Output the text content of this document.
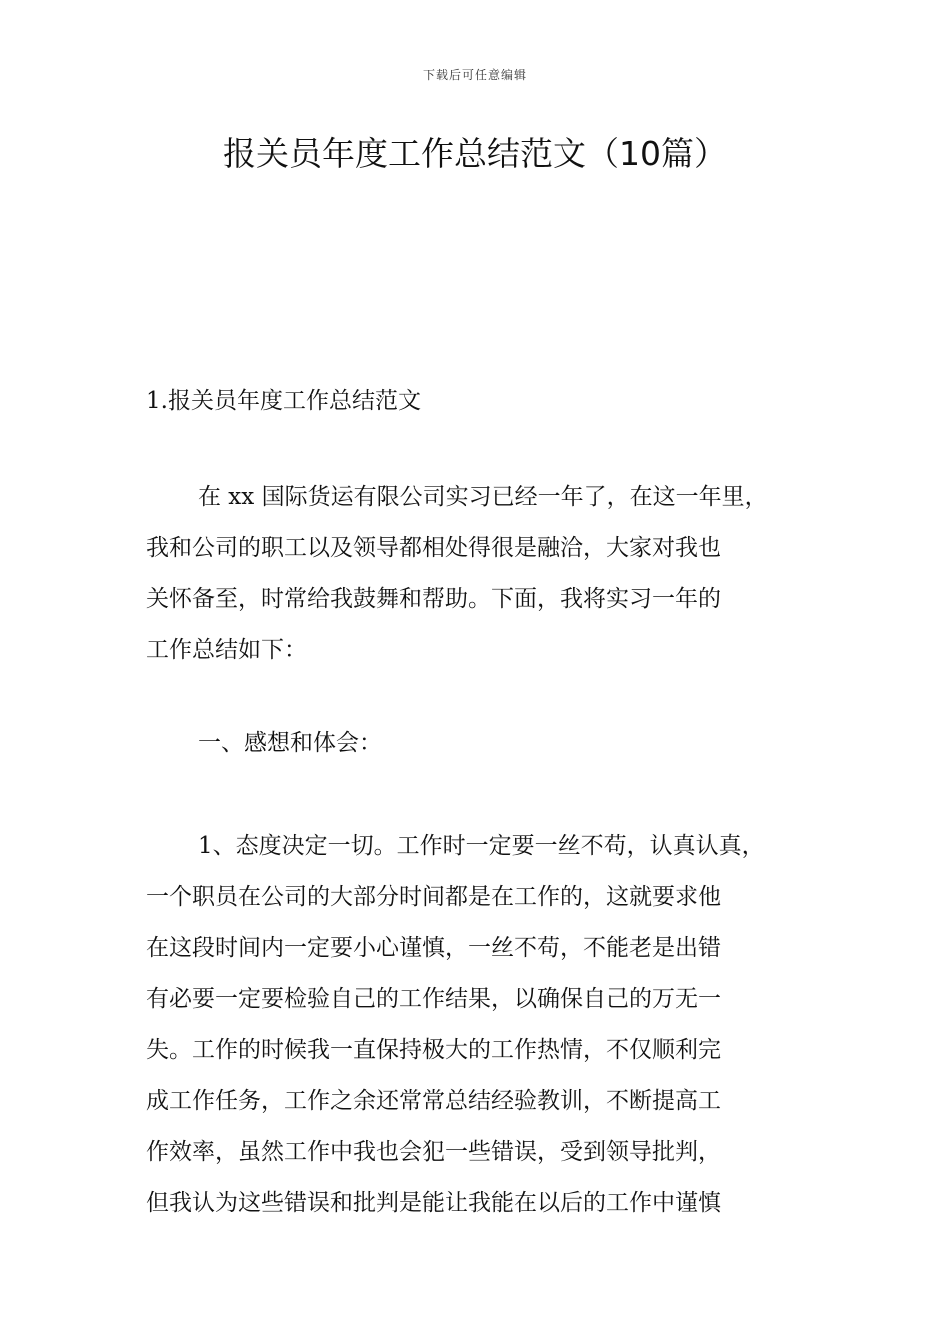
下载后可任意编辑
报关员年度工作总结范文（10篇）
1.报关员年度工作总结范文

在 xx 国际货运有限公司实习已经一年了，在这一年里，
我和公司的职工以及领导都相处得很是融洽，大家对我也
关怀备至，时常给我鼓舞和帮助。下面，我将实习一年的
工作总结如下：

一、感想和体会：

1、态度决定一切。工作时一定要一丝不苟，认真认真，
一个职员在公司的大部分时间都是在工作的，这就要求他
在这段时间内一定要小心谨慎，一丝不苟，不能老是出错
有必要一定要检验自己的工作结果，以确保自己的万无一
失。工作的时候我一直保持极大的工作热情，不仅顺利完
成工作任务，工作之余还常常总结经验教训，不断提高工
作效率，虽然工作中我也会犯一些错误，受到领导批判，
但我认为这些错误和批判是能让我能在以后的工作中谨慎
